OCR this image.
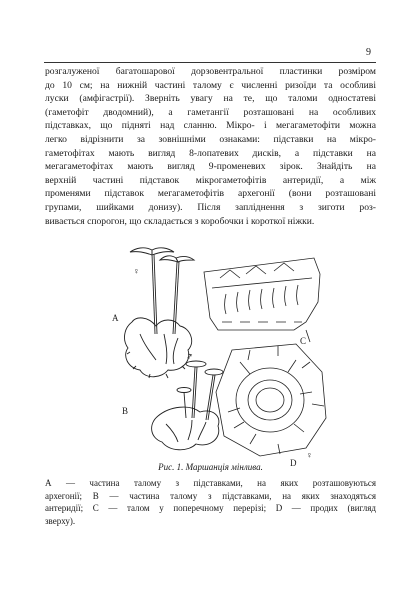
9

розгалуженої багатошарової дорзовентральної пластинки розміром
до 10 см; на нижній частині талому є численні ризоїди та особливі
луски (амфігастрії). Зверніть увагу на те, що таломи одностатеві
(гаметофіт дводомний), а гаметангії розташовані на особливих
підставках, що підняті над сланню. Мікро- і мегагаметофіти можна
легко відрізнити за зовнішніми ознаками: підставки на мікро-
гаметофітах мають вигляд 8-лопатевих дисків, а підставки на
мегагаметофітах мають вигляд 9-променевих зірок. Знайдіть на
верхній частині підставок мікрогаметофітів антеридії, а між
променями підставок мегагаметофітів архегонії (вони розташовані
групами, шийками донизу). Після запліднення з зиготи роз-
вивається спорогон, що складається з коробочки і короткої ніжки.

A
♀
C
B
♂
D
♀
Рис. 1. Маршанція мінлива.

А — частина талому з підставками, на яких розташовуються
архегонії; В — частина талому з підставками, на яких знаходяться
антеридії; С — талом у поперечному перерізі; D — продих (вигляд
зверху).
